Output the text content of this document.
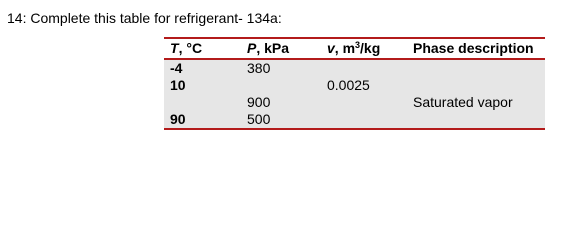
14: Complete this table for refrigerant- 134a:
T, °C	P, kPa	v, $m^3/kg$	Phase description
-4	380		
10		0.0025	
	900		Saturated vapor
90	500		
